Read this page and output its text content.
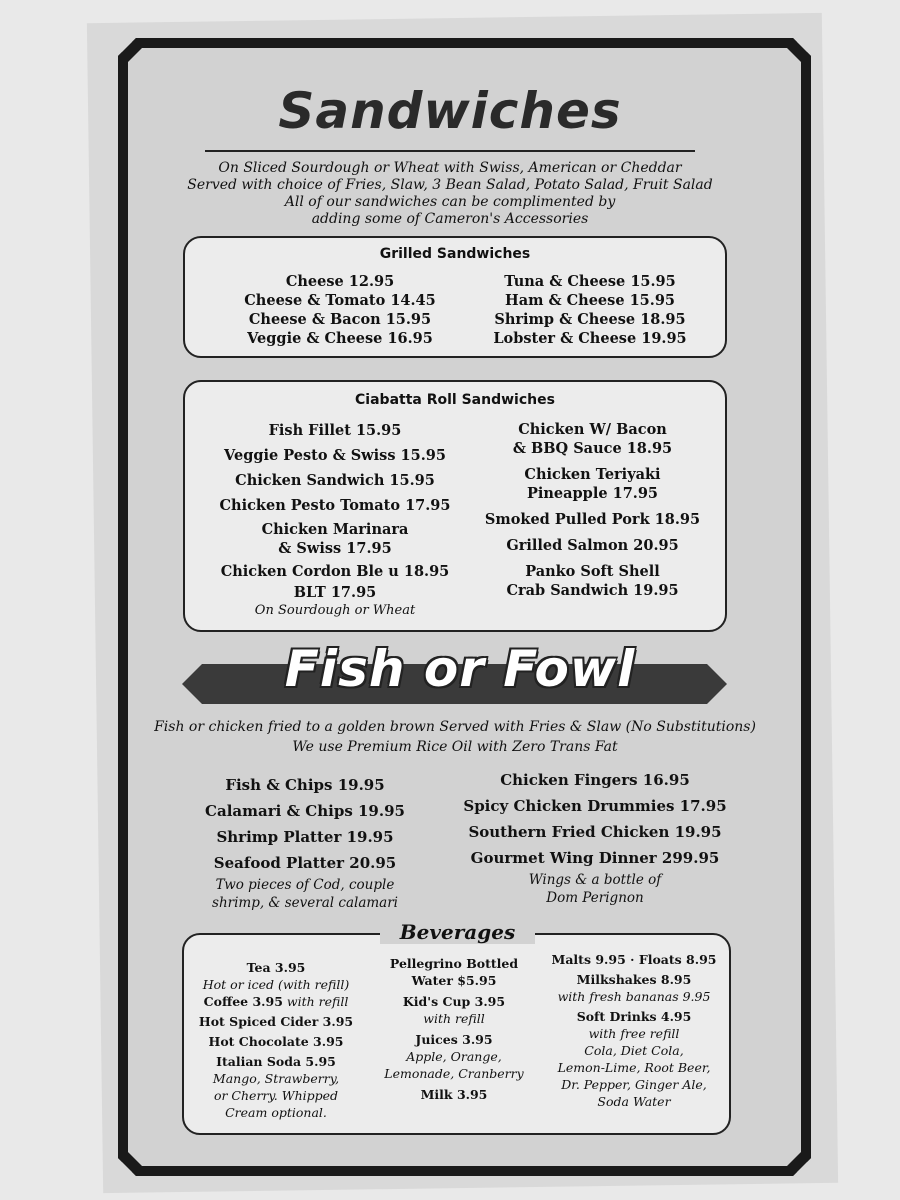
Sandwiches
On Sliced Sourdough or Wheat with Swiss, American or Cheddar
Served with choice of Fries, Slaw, 3 Bean Salad, Potato Salad, Fruit Salad
All of our sandwiches can be complimented by
adding some of Cameron's Accessories
Grilled Sandwiches
Cheese 12.95
Cheese & Tomato 14.45
Cheese & Bacon 15.95
Veggie & Cheese 16.95
Tuna & Cheese 15.95
Ham & Cheese 15.95
Shrimp & Cheese 18.95
Lobster & Cheese 19.95
Ciabatta Roll Sandwiches
Fish Fillet 15.95
Veggie Pesto & Swiss 15.95
Chicken Sandwich 15.95
Chicken Pesto Tomato 17.95
Chicken Marinara
& Swiss 17.95
Chicken Cordon Ble u 18.95
BLT 17.95
On Sourdough or Wheat
Chicken W/ Bacon
& BBQ Sauce 18.95
Chicken Teriyaki
Pineapple 17.95
Smoked Pulled Pork 18.95
Grilled Salmon 20.95
Panko Soft Shell
Crab Sandwich 19.95
Fish or Fowl
Fish or chicken fried to a golden brown Served with Fries & Slaw (No Substitutions)
We use Premium Rice Oil with Zero Trans Fat
Fish & Chips 19.95
Calamari & Chips 19.95
Shrimp Platter 19.95
Seafood Platter 20.95
Two pieces of Cod, couple
shrimp, & several calamari
Chicken Fingers 16.95
Spicy Chicken Drummies 17.95
Southern Fried Chicken 19.95
Gourmet Wing Dinner 299.95
Wings & a bottle of
Dom Perignon
Tea 3.95
Hot or iced (with refill)
Coffee 3.95 with refill
Hot Spiced Cider 3.95
Hot Chocolate 3.95
Italian Soda 5.95
Mango, Strawberry,
or Cherry. Whipped
Cream optional.
Pellegrino Bottled
Water $5.95
Kid's Cup 3.95
with refill
Juices 3.95
Apple, Orange,
Lemonade, Cranberry
Milk 3.95
Malts 9.95 · Floats 8.95
Milkshakes 8.95
with fresh bananas 9.95
Soft Drinks 4.95
with free refill
Cola, Diet Cola,
Lemon-Lime, Root Beer,
Dr. Pepper, Ginger Ale,
Soda Water
Beverages
